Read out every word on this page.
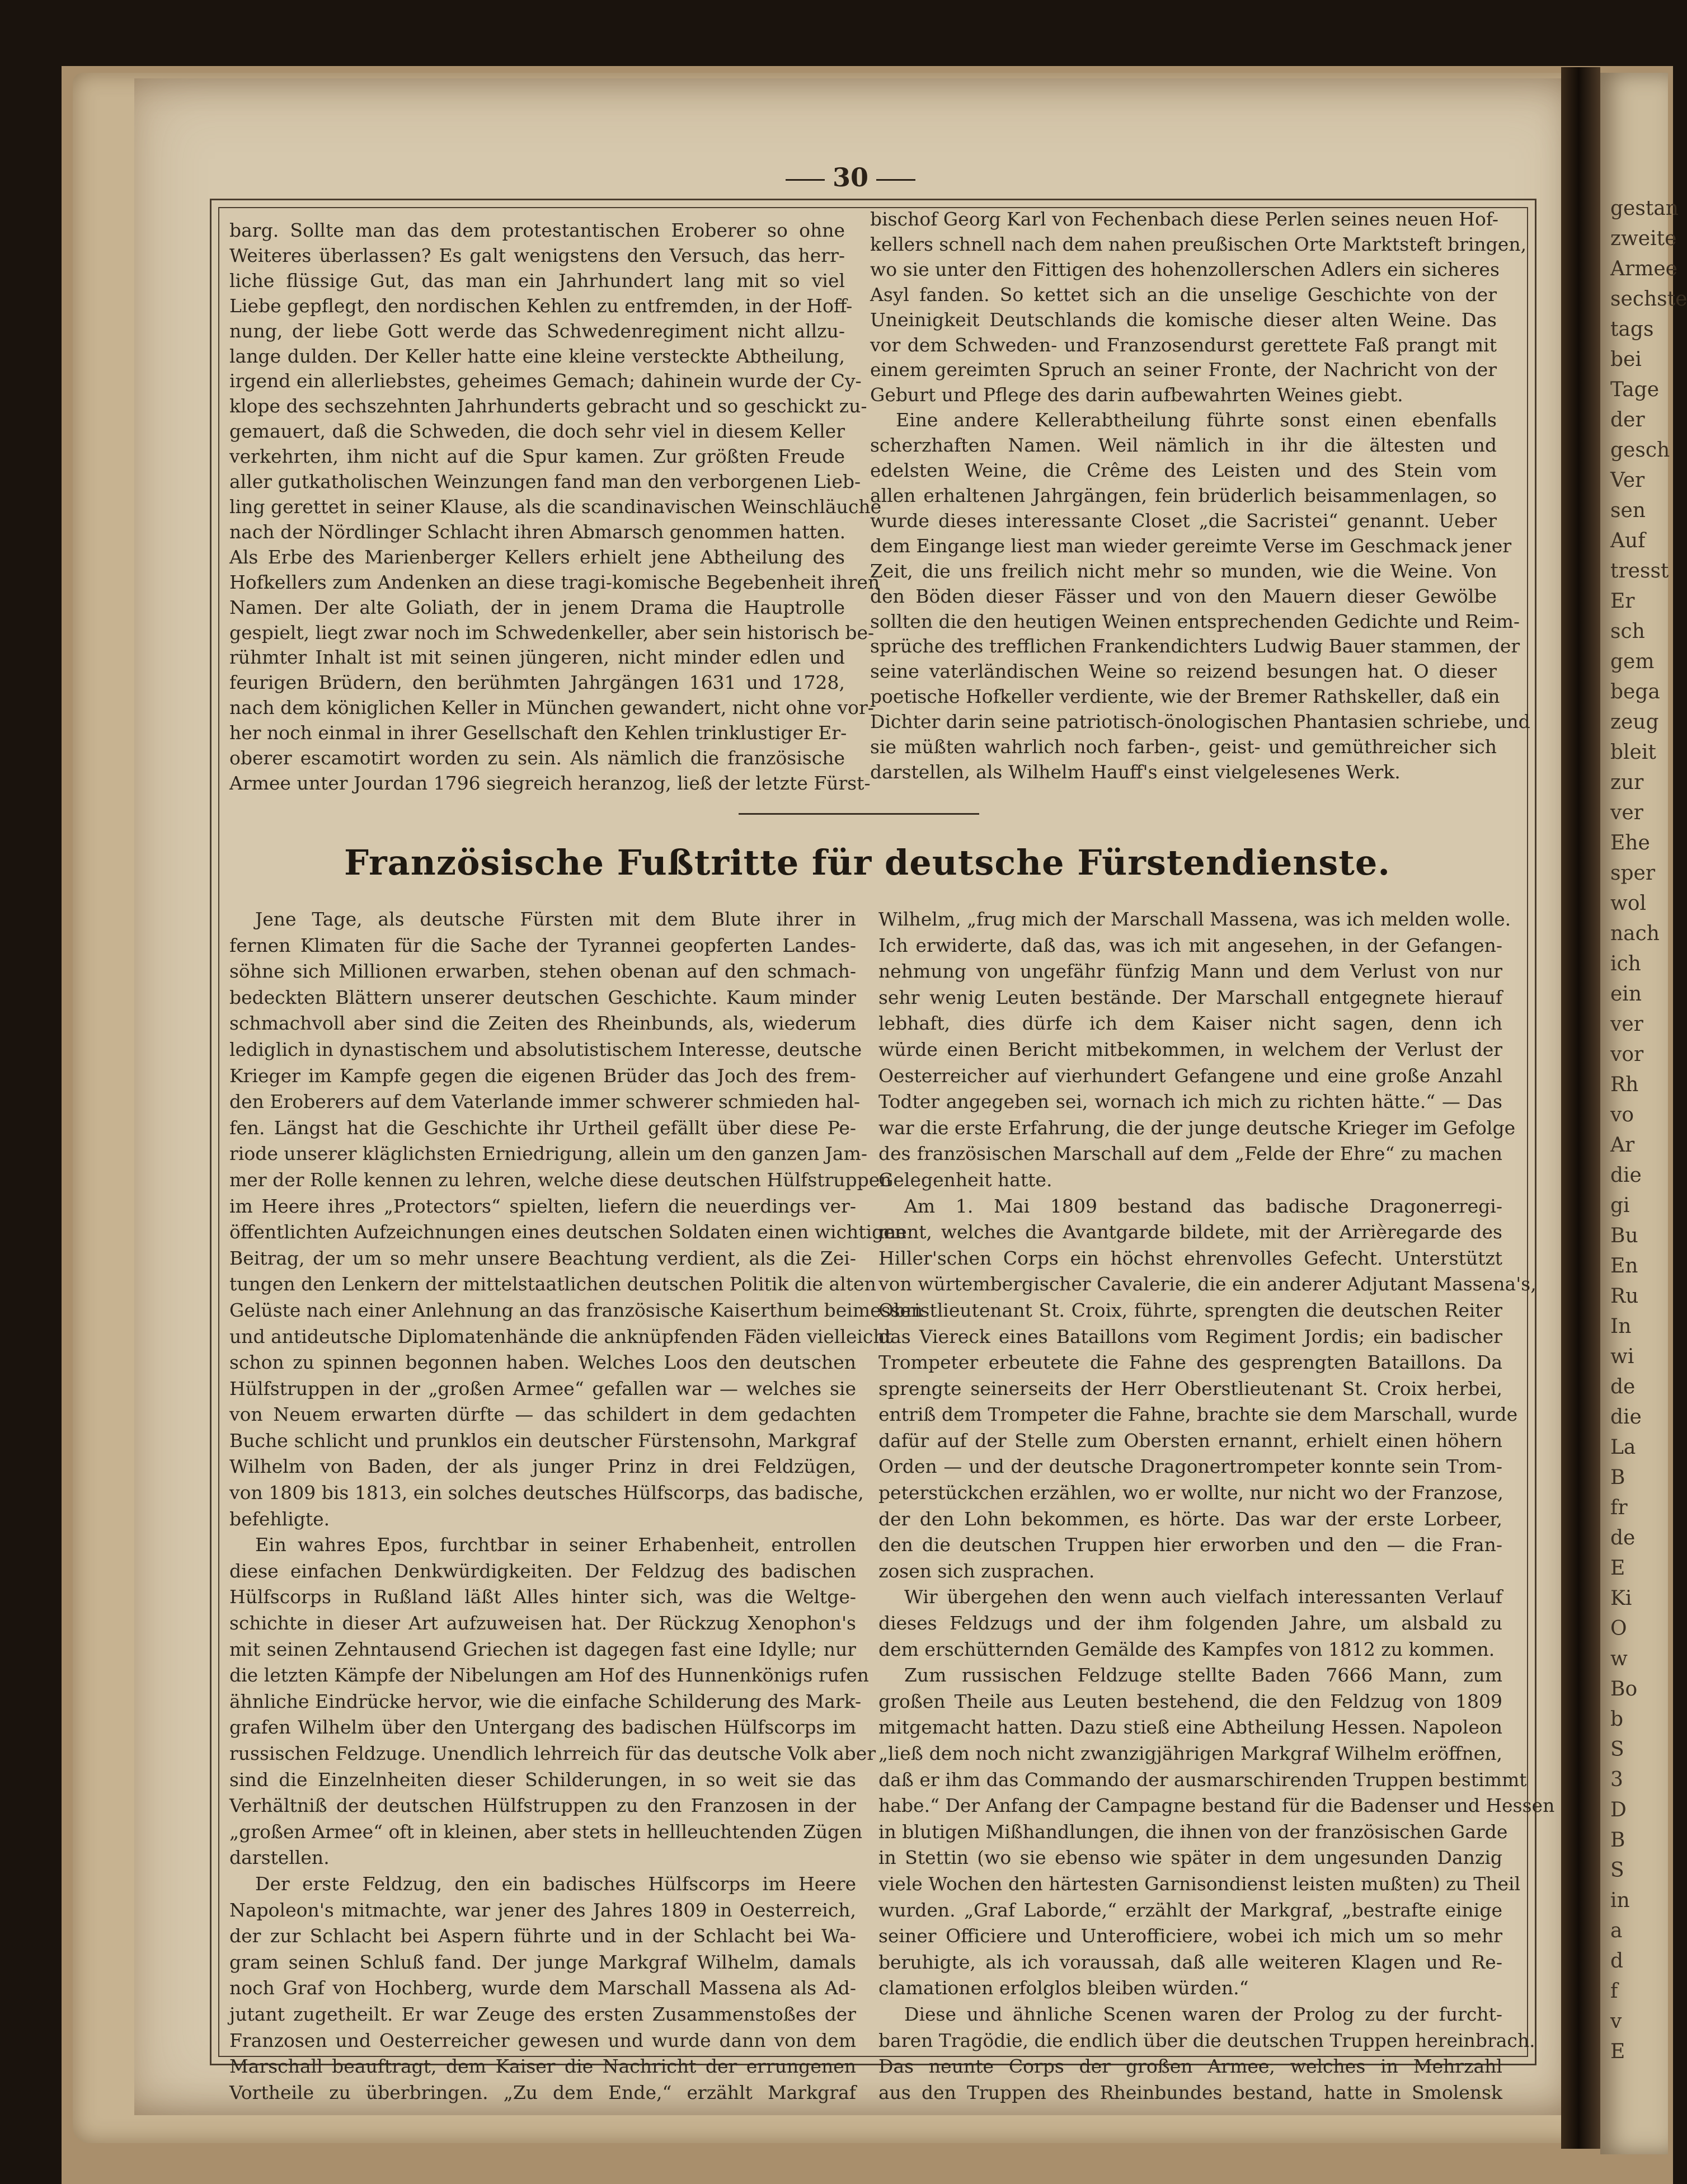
gestan
zweite
Armee
sechste
tags
bei
Tage
der
gesch
Ver
sen
Auf
tresst
Er
sch
gem
bega
zeug
bleit
zur
ver
Ehe
sper
wol
nach
ich
ein
ver
vor
Rh
vo
Ar
die
gi
Bu
En
Ru
In
wi
de
die
La
B
fr
de
E
Ki
O
w
Bo
b
S
3
D
B
S
in
a
d
f
v
E
30
barg. Sollte man das dem protestantischen Eroberer so ohne
Weiteres überlassen? Es galt wenigstens den Versuch, das herr-
liche flüssige Gut, das man ein Jahrhundert lang mit so viel
Liebe gepflegt, den nordischen Kehlen zu entfremden, in der Hoff-
nung, der liebe Gott werde das Schwedenregiment nicht allzu-
lange dulden. Der Keller hatte eine kleine versteckte Abtheilung,
irgend ein allerliebstes, geheimes Gemach; dahinein wurde der Cy-
klope des sechszehnten Jahrhunderts gebracht und so geschickt zu-
gemauert, daß die Schweden, die doch sehr viel in diesem Keller
verkehrten, ihm nicht auf die Spur kamen. Zur größten Freude
aller gutkatholischen Weinzungen fand man den verborgenen Lieb-
ling gerettet in seiner Klause, als die scandinavischen Weinschläuche
nach der Nördlinger Schlacht ihren Abmarsch genommen hatten.
Als Erbe des Marienberger Kellers erhielt jene Abtheilung des
Hofkellers zum Andenken an diese tragi-komische Begebenheit ihren
Namen. Der alte Goliath, der in jenem Drama die Hauptrolle
gespielt, liegt zwar noch im Schwedenkeller, aber sein historisch be-
rühmter Inhalt ist mit seinen jüngeren, nicht minder edlen und
feurigen Brüdern, den berühmten Jahrgängen 1631 und 1728,
nach dem königlichen Keller in München gewandert, nicht ohne vor-
her noch einmal in ihrer Gesellschaft den Kehlen trinklustiger Er-
oberer escamotirt worden zu sein. Als nämlich die französische
Armee unter Jourdan 1796 siegreich heranzog, ließ der letzte Fürst-
bischof Georg Karl von Fechenbach diese Perlen seines neuen Hof-
kellers schnell nach dem nahen preußischen Orte Marktsteft bringen,
wo sie unter den Fittigen des hohenzollerschen Adlers ein sicheres
Asyl fanden. So kettet sich an die unselige Geschichte von der
Uneinigkeit Deutschlands die komische dieser alten Weine. Das
vor dem Schweden- und Franzosendurst gerettete Faß prangt mit
einem gereimten Spruch an seiner Fronte, der Nachricht von der
Geburt und Pflege des darin aufbewahrten Weines giebt.
Eine andere Kellerabtheilung führte sonst einen ebenfalls
scherzhaften Namen. Weil nämlich in ihr die ältesten und
edelsten Weine, die Crême des Leisten und des Stein vom
allen erhaltenen Jahrgängen, fein brüderlich beisammenlagen, so
wurde dieses interessante Closet „die Sacristei“ genannt. Ueber
dem Eingange liest man wieder gereimte Verse im Geschmack jener
Zeit, die uns freilich nicht mehr so munden, wie die Weine. Von
den Böden dieser Fässer und von den Mauern dieser Gewölbe
sollten die den heutigen Weinen entsprechenden Gedichte und Reim-
sprüche des trefflichen Frankendichters Ludwig Bauer stammen, der
seine vaterländischen Weine so reizend besungen hat. O dieser
poetische Hofkeller verdiente, wie der Bremer Rathskeller, daß ein
Dichter darin seine patriotisch-önologischen Phantasien schriebe, und
sie müßten wahrlich noch farben-, geist- und gemüthreicher sich
darstellen, als Wilhelm Hauff's einst vielgelesenes Werk.
Französische Fußtritte für deutsche Fürstendienste.
Jene Tage, als deutsche Fürsten mit dem Blute ihrer in
fernen Klimaten für die Sache der Tyrannei geopferten Landes-
söhne sich Millionen erwarben, stehen obenan auf den schmach-
bedeckten Blättern unserer deutschen Geschichte. Kaum minder
schmachvoll aber sind die Zeiten des Rheinbunds, als, wiederum
lediglich in dynastischem und absolutistischem Interesse, deutsche
Krieger im Kampfe gegen die eigenen Brüder das Joch des frem-
den Eroberers auf dem Vaterlande immer schwerer schmieden hal-
fen. Längst hat die Geschichte ihr Urtheil gefällt über diese Pe-
riode unserer kläglichsten Erniedrigung, allein um den ganzen Jam-
mer der Rolle kennen zu lehren, welche diese deutschen Hülfstruppen
im Heere ihres „Protectors“ spielten, liefern die neuerdings ver-
öffentlichten Aufzeichnungen eines deutschen Soldaten einen wichtigen
Beitrag, der um so mehr unsere Beachtung verdient, als die Zei-
tungen den Lenkern der mittelstaatlichen deutschen Politik die alten
Gelüste nach einer Anlehnung an das französische Kaiserthum beimessen
und antideutsche Diplomatenhände die anknüpfenden Fäden vielleicht
schon zu spinnen begonnen haben. Welches Loos den deutschen
Hülfstruppen in der „großen Armee“ gefallen war — welches sie
von Neuem erwarten dürfte — das schildert in dem gedachten
Buche schlicht und prunklos ein deutscher Fürstensohn, Markgraf
Wilhelm von Baden, der als junger Prinz in drei Feldzügen,
von 1809 bis 1813, ein solches deutsches Hülfscorps, das badische,
befehligte.
Ein wahres Epos, furchtbar in seiner Erhabenheit, entrollen
diese einfachen Denkwürdigkeiten. Der Feldzug des badischen
Hülfscorps in Rußland läßt Alles hinter sich, was die Weltge-
schichte in dieser Art aufzuweisen hat. Der Rückzug Xenophon's
mit seinen Zehntausend Griechen ist dagegen fast eine Idylle; nur
die letzten Kämpfe der Nibelungen am Hof des Hunnenkönigs rufen
ähnliche Eindrücke hervor, wie die einfache Schilderung des Mark-
grafen Wilhelm über den Untergang des badischen Hülfscorps im
russischen Feldzuge. Unendlich lehrreich für das deutsche Volk aber
sind die Einzelnheiten dieser Schilderungen, in so weit sie das
Verhältniß der deutschen Hülfstruppen zu den Franzosen in der
„großen Armee“ oft in kleinen, aber stets in hellleuchtenden Zügen
darstellen.
Der erste Feldzug, den ein badisches Hülfscorps im Heere
Napoleon's mitmachte, war jener des Jahres 1809 in Oesterreich,
der zur Schlacht bei Aspern führte und in der Schlacht bei Wa-
gram seinen Schluß fand. Der junge Markgraf Wilhelm, damals
noch Graf von Hochberg, wurde dem Marschall Massena als Ad-
jutant zugetheilt. Er war Zeuge des ersten Zusammenstoßes der
Franzosen und Oesterreicher gewesen und wurde dann von dem
Marschall beauftragt, dem Kaiser die Nachricht der errungenen
Vortheile zu überbringen. „Zu dem Ende,“ erzählt Markgraf
Wilhelm, „frug mich der Marschall Massena, was ich melden wolle.
Ich erwiderte, daß das, was ich mit angesehen, in der Gefangen-
nehmung von ungefähr fünfzig Mann und dem Verlust von nur
sehr wenig Leuten bestände. Der Marschall entgegnete hierauf
lebhaft, dies dürfe ich dem Kaiser nicht sagen, denn ich
würde einen Bericht mitbekommen, in welchem der Verlust der
Oesterreicher auf vierhundert Gefangene und eine große Anzahl
Todter angegeben sei, wornach ich mich zu richten hätte.“ — Das
war die erste Erfahrung, die der junge deutsche Krieger im Gefolge
des französischen Marschall auf dem „Felde der Ehre“ zu machen
Gelegenheit hatte.
Am 1. Mai 1809 bestand das badische Dragonerregi-
ment, welches die Avantgarde bildete, mit der Arrièregarde des
Hiller'schen Corps ein höchst ehrenvolles Gefecht. Unterstützt
von würtembergischer Cavalerie, die ein anderer Adjutant Massena's,
Obristlieutenant St. Croix, führte, sprengten die deutschen Reiter
das Viereck eines Bataillons vom Regiment Jordis; ein badischer
Trompeter erbeutete die Fahne des gesprengten Bataillons. Da
sprengte seinerseits der Herr Oberstlieutenant St. Croix herbei,
entriß dem Trompeter die Fahne, brachte sie dem Marschall, wurde
dafür auf der Stelle zum Obersten ernannt, erhielt einen höhern
Orden — und der deutsche Dragonertrompeter konnte sein Trom-
peterstückchen erzählen, wo er wollte, nur nicht wo der Franzose,
der den Lohn bekommen, es hörte. Das war der erste Lorbeer,
den die deutschen Truppen hier erworben und den — die Fran-
zosen sich zusprachen.
Wir übergehen den wenn auch vielfach interessanten Verlauf
dieses Feldzugs und der ihm folgenden Jahre, um alsbald zu
dem erschütternden Gemälde des Kampfes von 1812 zu kommen.
Zum russischen Feldzuge stellte Baden 7666 Mann, zum
großen Theile aus Leuten bestehend, die den Feldzug von 1809
mitgemacht hatten. Dazu stieß eine Abtheilung Hessen. Napoleon
„ließ dem noch nicht zwanzigjährigen Markgraf Wilhelm eröffnen,
daß er ihm das Commando der ausmarschirenden Truppen bestimmt
habe.“ Der Anfang der Campagne bestand für die Badenser und Hessen
in blutigen Mißhandlungen, die ihnen von der französischen Garde
in Stettin (wo sie ebenso wie später in dem ungesunden Danzig
viele Wochen den härtesten Garnisondienst leisten mußten) zu Theil
wurden. „Graf Laborde,“ erzählt der Markgraf, „bestrafte einige
seiner Officiere und Unterofficiere, wobei ich mich um so mehr
beruhigte, als ich voraussah, daß alle weiteren Klagen und Re-
clamationen erfolglos bleiben würden.“
Diese und ähnliche Scenen waren der Prolog zu der furcht-
baren Tragödie, die endlich über die deutschen Truppen hereinbrach.
Das neunte Corps der großen Armee, welches in Mehrzahl
aus den Truppen des Rheinbundes bestand, hatte in Smolensk
